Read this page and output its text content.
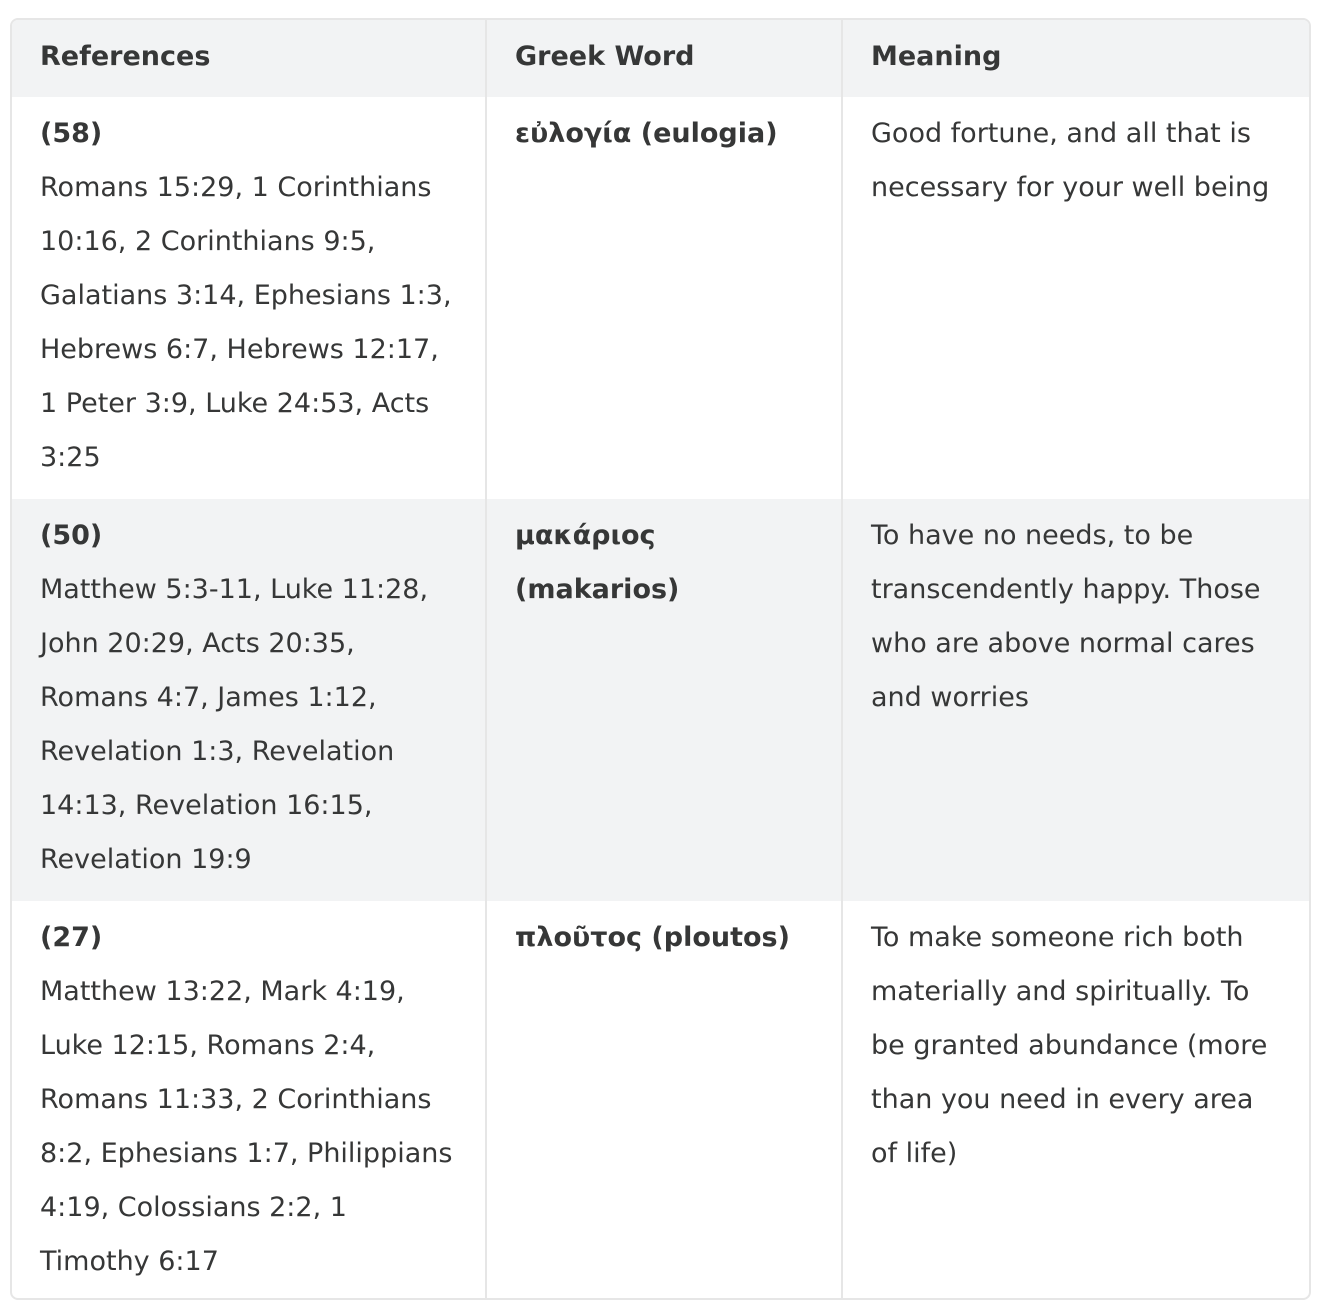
References	Greek Word	Meaning

(58)
Romans 15:29, 1 Corinthians 10:16, 2 Corinthians 9:5, Galatians 3:14, Ephesians 1:3, Hebrews 6:7, Hebrews 12:17, 1 Peter 3:9, Luke 24:53, Acts 3:25	εὐλογία (eulogia)	Good fortune, and all that is necessary for your well being

(50)
Matthew 5:3-11, Luke 11:28, John 20:29, Acts 20:35, Romans 4:7, James 1:12, Revelation 1:3, Revelation 14:13, Revelation 16:15, Revelation 19:9	μακάριος (makarios)	To have no needs, to be transcendently happy. Those who are above normal cares and worries

(27)
Matthew 13:22, Mark 4:19, Luke 12:15, Romans 2:4, Romans 11:33, 2 Corinthians 8:2, Ephesians 1:7, Philippians 4:19, Colossians 2:2, 1 Timothy 6:17	πλοῦτος (ploutos)	To make someone rich both materially and spiritually. To be granted abundance (more than you need in every area of life)
